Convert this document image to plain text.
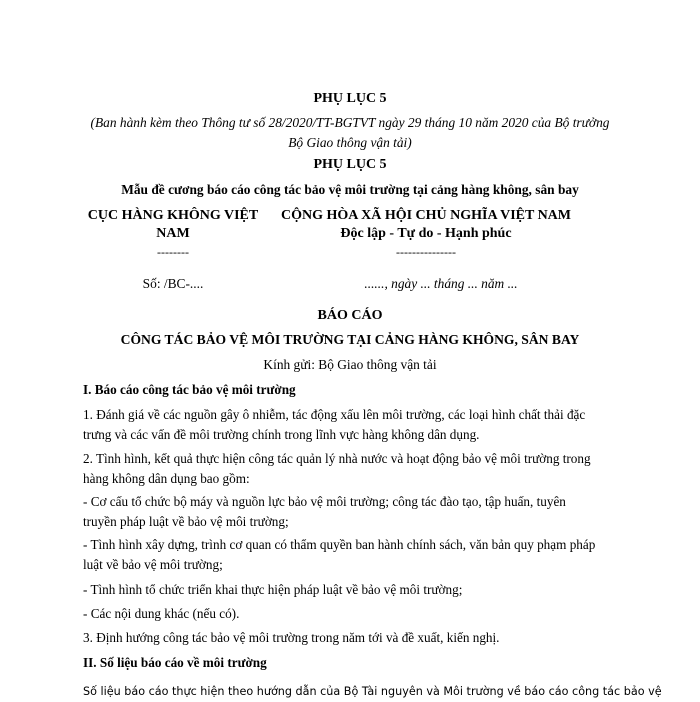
PHỤ LỤC 5
(Ban hành kèm theo Thông tư số 28/2020/TT-BGTVT ngày 29 tháng 10 năm 2020 của Bộ trưởng
Bộ Giao thông vận tải)
PHỤ LỤC 5
Mẫu đề cương báo cáo công tác bảo vệ môi trường tại cảng hàng không, sân bay
CỤC HÀNG KHÔNG VIỆT
NAM
--------
CỘNG HÒA XÃ HỘI CHỦ NGHĨA VIỆT NAM
Độc lập - Tự do - Hạnh phúc
---------------
Số: /BC-....	......, ngày ... tháng ... năm ...
BÁO CÁO
CÔNG TÁC BẢO VỆ MÔI TRƯỜNG TẠI CẢNG HÀNG KHÔNG, SÂN BAY
Kính gửi: Bộ Giao thông vận tải
I. Báo cáo công tác bảo vệ môi trường
1. Đánh giá về các nguồn gây ô nhiễm, tác động xấu lên môi trường, các loại hình chất thải đặc
trưng và các vấn đề môi trường chính trong lĩnh vực hàng không dân dụng.
2. Tình hình, kết quả thực hiện công tác quản lý nhà nước và hoạt động bảo vệ môi trường trong
hàng không dân dụng bao gồm:
- Cơ cấu tổ chức bộ máy và nguồn lực bảo vệ môi trường; công tác đào tạo, tập huấn, tuyên
truyền pháp luật về bảo vệ môi trường;
- Tình hình xây dựng, trình cơ quan có thẩm quyền ban hành chính sách, văn bản quy phạm pháp
luật về bảo vệ môi trường;
- Tình hình tổ chức triển khai thực hiện pháp luật về bảo vệ môi trường;
- Các nội dung khác (nếu có).
3. Định hướng công tác bảo vệ môi trường trong năm tới và đề xuất, kiến nghị.
II. Số liệu báo cáo về môi trường
Số liệu báo cáo thực hiện theo hướng dẫn của Bộ Tài nguyên và Môi trường về báo cáo công tác bảo vệ
